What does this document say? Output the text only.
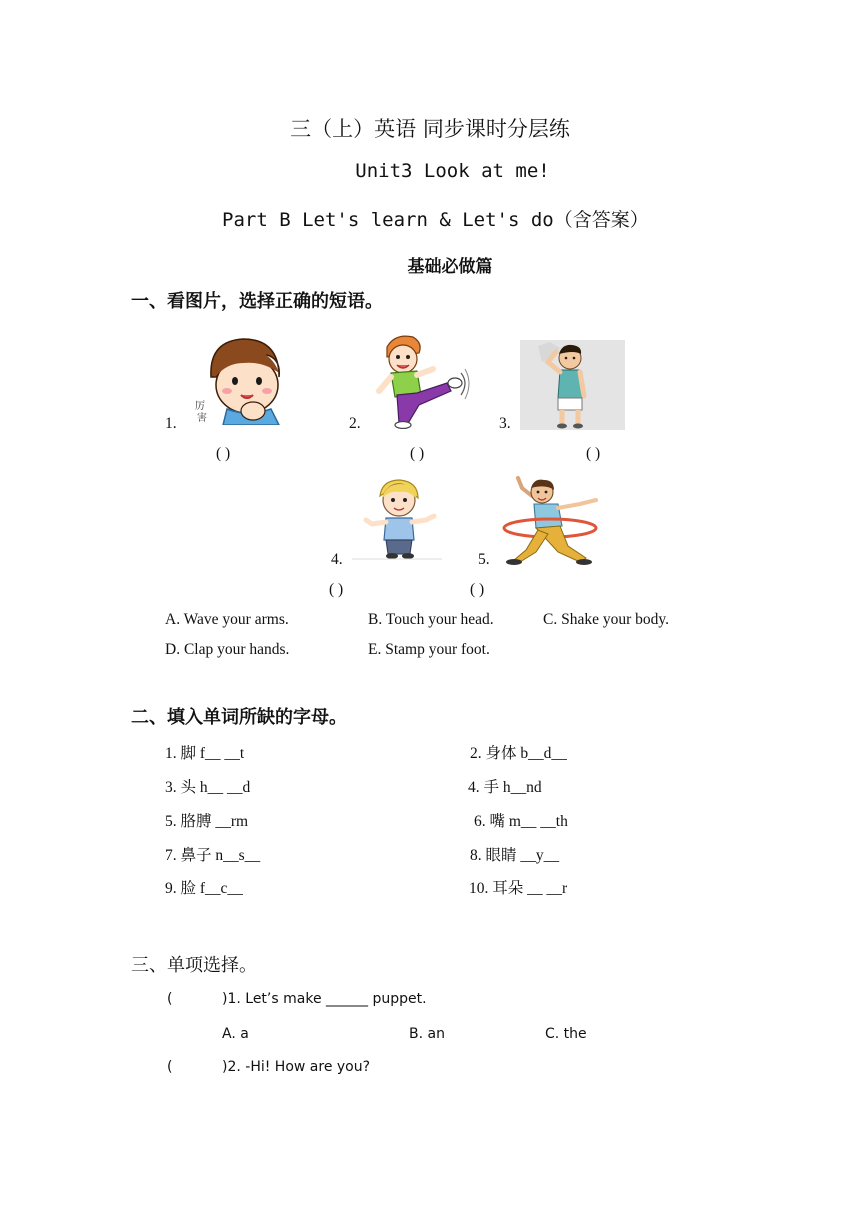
三（上）英语 同步课时分层练
Unit3 Look at me!
Part B Let's learn & Let's do（含答案）
基础必做篇
一、看图片，选择正确的短语。
1.	2.	3.
4.	5.
( )	( )	( )
( )	( )
厉
害
A. Wave your arms.	B. Touch your head.	C. Shake your body.
D. Clap your hands.	E. Stamp your foot.
二、填入单词所缺的字母。
1. 脚 f__ __t	2. 身体 b__d__
3. 头 h__ __d	4. 手 h__nd
5. 胳膊 __rm	6. 嘴 m__ __th
7. 鼻子 n__s__	8. 眼睛 __y__
9. 脸 f__c__	10. 耳朵 __ __r
三、单项选择。
(	)1. Let’s make ______ puppet.
A. a	B. an	C. the
(	)2. -Hi! How are you?
